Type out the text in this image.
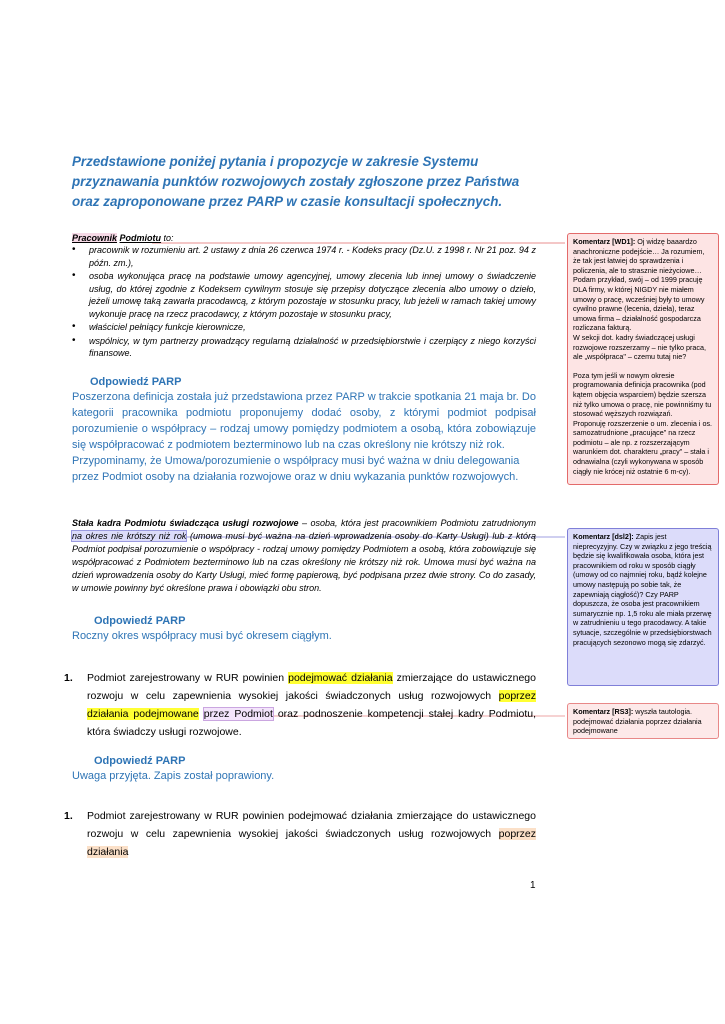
Przedstawione poniżej pytania i propozycje w zakresie Systemu przyznawania punktów rozwojowych zostały zgłoszone przez Państwa oraz zaproponowane przez PARP w czasie konsultacji społecznych.
Pracownik Podmiotu to:
• pracownik w rozumieniu art. 2 ustawy z dnia 26 czerwca 1974 r. - Kodeks pracy (Dz.U. z 1998 r. Nr 21 poz. 94 z późn. zm.),
• osoba wykonująca pracę na podstawie umowy agencyjnej, umowy zlecenia lub innej umowy o świadczenie usług, do której zgodnie z Kodeksem cywilnym stosuje się przepisy dotyczące zlecenia albo umowy o dzieło, jeżeli umowę taką zawarła pracodawcą, z którym pozostaje w stosunku pracy, lub jeżeli w ramach takiej umowy wykonuje pracę na rzecz pracodawcy, z którym pozostaje w stosunku pracy,
• właściciel pełniący funkcje kierownicze,
• wspólnicy, w tym partnerzy prowadzący regularną działalność w przedsiębiorstwie i czerpiący z niego korzyści finansowe.
Odpowiedź PARP
Poszerzona definicja została już przedstawiona przez PARP w trakcie spotkania 21 maja br. Do kategorii pracownika podmiotu proponujemy dodać osoby, z którymi podmiot podpisał porozumienie o współpracy – rodzaj umowy pomiędzy podmiotem a osobą, która zobowiązuje się współpracować z podmiotem bezterminowo lub na czas określony nie krótszy niż rok.
Przypominamy, że Umowa/porozumienie o współpracy musi być ważna w dniu delegowania przez Podmiot osoby na działania rozwojowe oraz w dniu wykazania punktów rozwojowych.
Stała kadra Podmiotu świadcząca usługi rozwojowe – osoba, która jest pracownikiem Podmiotu zatrudnionym na okres nie krótszy niż rok (umowa musi być ważna na dzień wprowadzenia osoby do Karty Usługi) lub z którą Podmiot podpisał porozumienie o współpracy - rodzaj umowy pomiędzy Podmiotem a osobą, która zobowiązuje się współpracować z Podmiotem bezterminowo lub na czas określony nie krótszy niż rok. Umowa musi być ważna na dzień wprowadzenia osoby do Karty Usługi, mieć formę papierową, być podpisana przez dwie strony. Co do zasady, w umowie powinny być określone prawa i obowiązki obu stron.
Odpowiedź PARP
Roczny okres współpracy musi być okresem ciągłym.
1.	Podmiot zarejestrowany w RUR powinien podejmować działania zmierzające do ustawicznego rozwoju w celu zapewnienia wysokiej jakości świadczonych usług rozwojowych poprzez działania podejmowane przez Podmiot oraz podnoszenie kompetencji stałej kadry Podmiotu, która świadczy usługi rozwojowe.
Odpowiedź PARP
Uwaga przyjęta. Zapis został poprawiony.
1.	Podmiot zarejestrowany w RUR powinien podejmować działania zmierzające do ustawicznego rozwoju w celu zapewnienia wysokiej jakości świadczonych usług rozwojowych poprzez działania
Komentarz [WD1]: Oj widzę baaardzo anachroniczne podejście… Ja rozumiem, że tak jest łatwiej do sprawdzenia i policzenia, ale to strasznie nieżyciowe… Podam przykład, swój – od 1999 pracuję DLA firmy, w której NIGDY nie miałem umowy o pracę, wcześniej były to umowy cywilno prawne (lecenia, dzieła), teraz umowa firma – działalność gospodarcza rozliczana fakturą.
W sekcji dot. kadry świadczącej usługi rozwojowe rozszerzamy – nie tylko praca, ale „współpraca" – czemu tutaj nie?
Poza tym jeśli w nowym okresie programowania definicja pracownika (pod kątem objęcia wsparciem) będzie szersza niż tylko umowa o pracę, nie powinniśmy tu stosować węższych rozwiązań.
Proponuję rozszerzenie o um. zlecenia i os. samozatrudnione „pracujące" na rzecz podmiotu – ale np. z rozszerzającym warunkiem dot. charakteru „pracy" – stała i odnawialna (czyli wykonywana w sposób ciągły nie krócej niż ostatnie 6 m-cy).
Komentarz [dsl2]: Zapis jest nieprecyzyjny. Czy w związku z jego treścią będzie się kwalifikowała osoba, która jest pracownikiem od roku w sposób ciągły (umowy od co najmniej roku, bądź kolejne umowy następują po sobie tak, że zapewniają ciągłość)? Czy PARP dopuszcza, że osoba jest pracownikiem sumarycznie np. 1,5 roku ale miała przerwę w zatrudnieniu u tego pracodawcy. A takie sytuacje, szczególnie w przedsiębiorstwach pracujących sezonowo mogą się zdarzyć.
Komentarz [RS3]: wyszła tautologia. podejmować działania poprzez działania podejmowane
1
